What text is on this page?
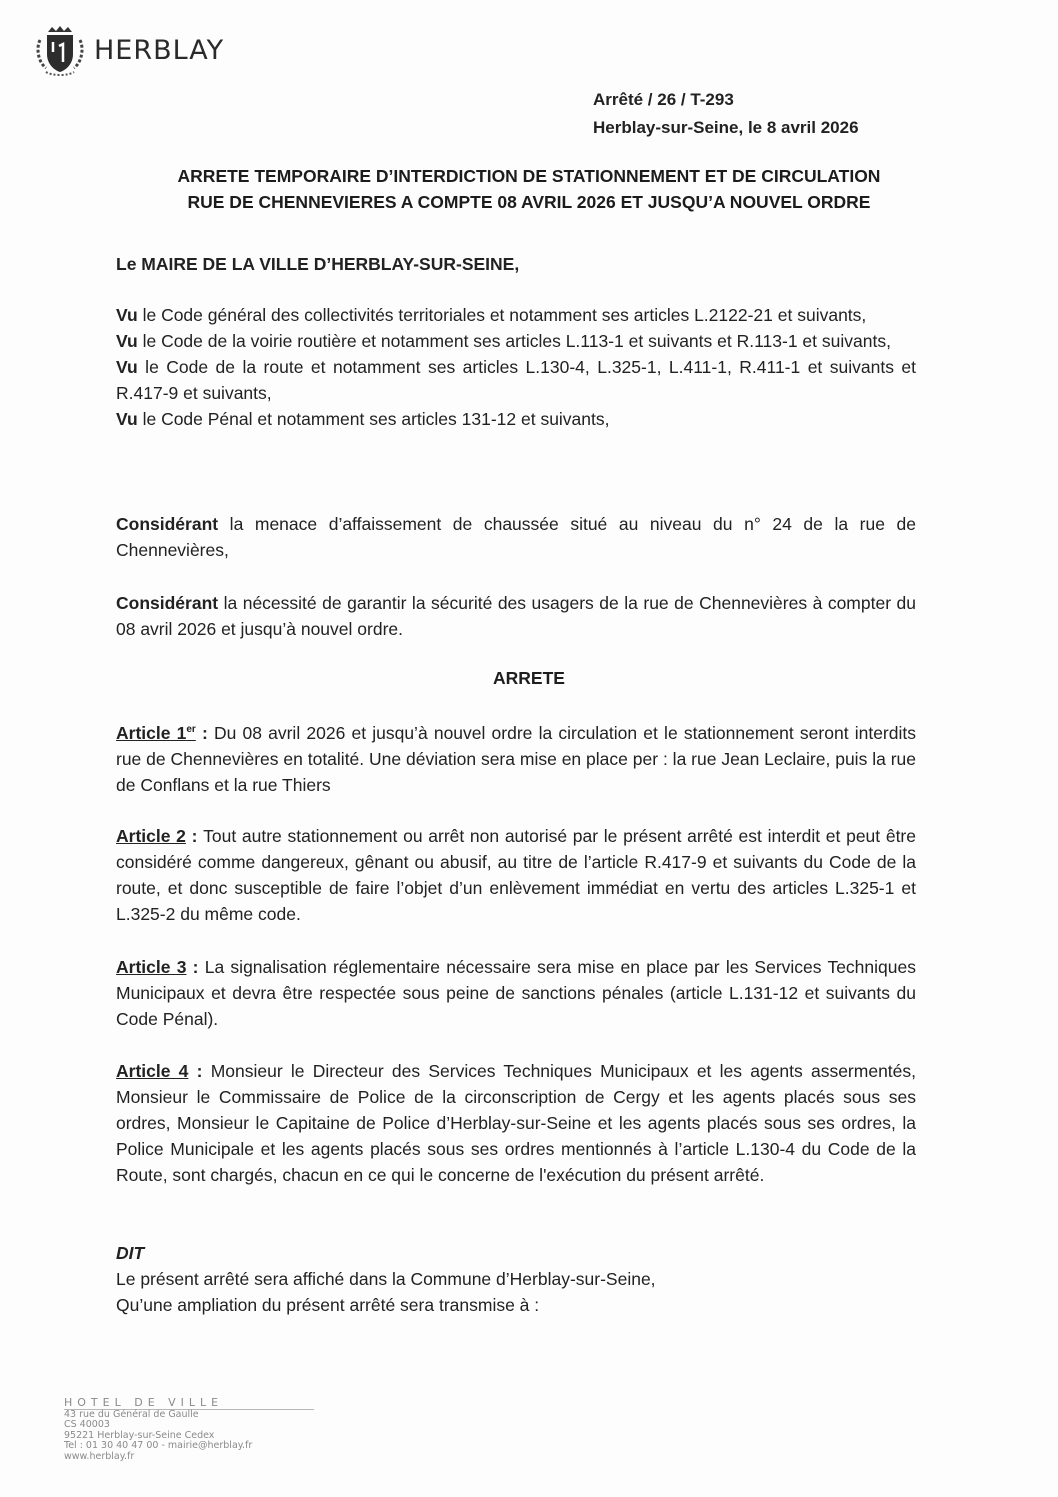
HERBLAY
Arrêté / 26 / T-293
Herblay-sur-Seine, le 8 avril 2026
ARRETE TEMPORAIRE D’INTERDICTION DE STATIONNEMENT ET DE CIRCULATION
RUE DE CHENNEVIERES A COMPTE 08 AVRIL 2026 ET JUSQU’A NOUVEL ORDRE
Le MAIRE DE LA VILLE D’HERBLAY-SUR-SEINE,

Vu le Code général des collectivités territoriales et notamment ses articles L.2122-21 et suivants,

Vu le Code de la voirie routière et notamment ses articles L.113-1 et suivants et R.113-1 et suivants,

Vu le Code de la route et notamment ses articles L.130-4, L.325-1, L.411-1, R.411-1 et suivants et R.417-9 et suivants,

Vu le Code Pénal et notamment ses articles 131-12 et suivants,

Considérant la menace d’affaissement de chaussée situé au niveau du n° 24 de la rue de Chennevières,
Considérant la nécessité de garantir la sécurité des usagers de la rue de Chennevières à compter du 08 avril 2026 et jusqu’à nouvel ordre.
ARRETE
Article 1er : Du 08 avril 2026 et jusqu’à nouvel ordre la circulation et le stationnement seront interdits rue de Chennevières en totalité. Une déviation sera mise en place per : la rue Jean Leclaire, puis la rue de Conflans et la rue Thiers
Article 2 : Tout autre stationnement ou arrêt non autorisé par le présent arrêté est interdit et peut être considéré comme dangereux, gênant ou abusif, au titre de l’article R.417-9 et suivants du Code de la route, et donc susceptible de faire l’objet d’un enlèvement immédiat en vertu des articles L.325-1 et L.325-2 du même code.
Article 3 : La signalisation réglementaire nécessaire sera mise en place par les Services Techniques Municipaux et devra être respectée sous peine de sanctions pénales (article L.131-12 et suivants du Code Pénal).
Article 4 : Monsieur le Directeur des Services Techniques Municipaux et les agents assermentés, Monsieur le Commissaire de Police de la circonscription de Cergy et les agents placés sous ses ordres, Monsieur le Capitaine de Police d’Herblay-sur-Seine et les agents placés sous ses ordres, la Police Municipale et les agents placés sous ses ordres mentionnés à l’article L.130-4 du Code de la Route, sont chargés, chacun en ce qui le concerne de l'exécution du présent arrêté.
DIT
Le présent arrêté sera affiché dans la Commune d’Herblay-sur-Seine,
Qu’une ampliation du présent arrêté sera transmise à :
HOTEL DE VILLE
43 rue du Général de Gaulle
CS 40003
95221 Herblay-sur-Seine Cedex
Tel : 01 30 40 47 00 - mairie@herblay.fr
www.herblay.fr
